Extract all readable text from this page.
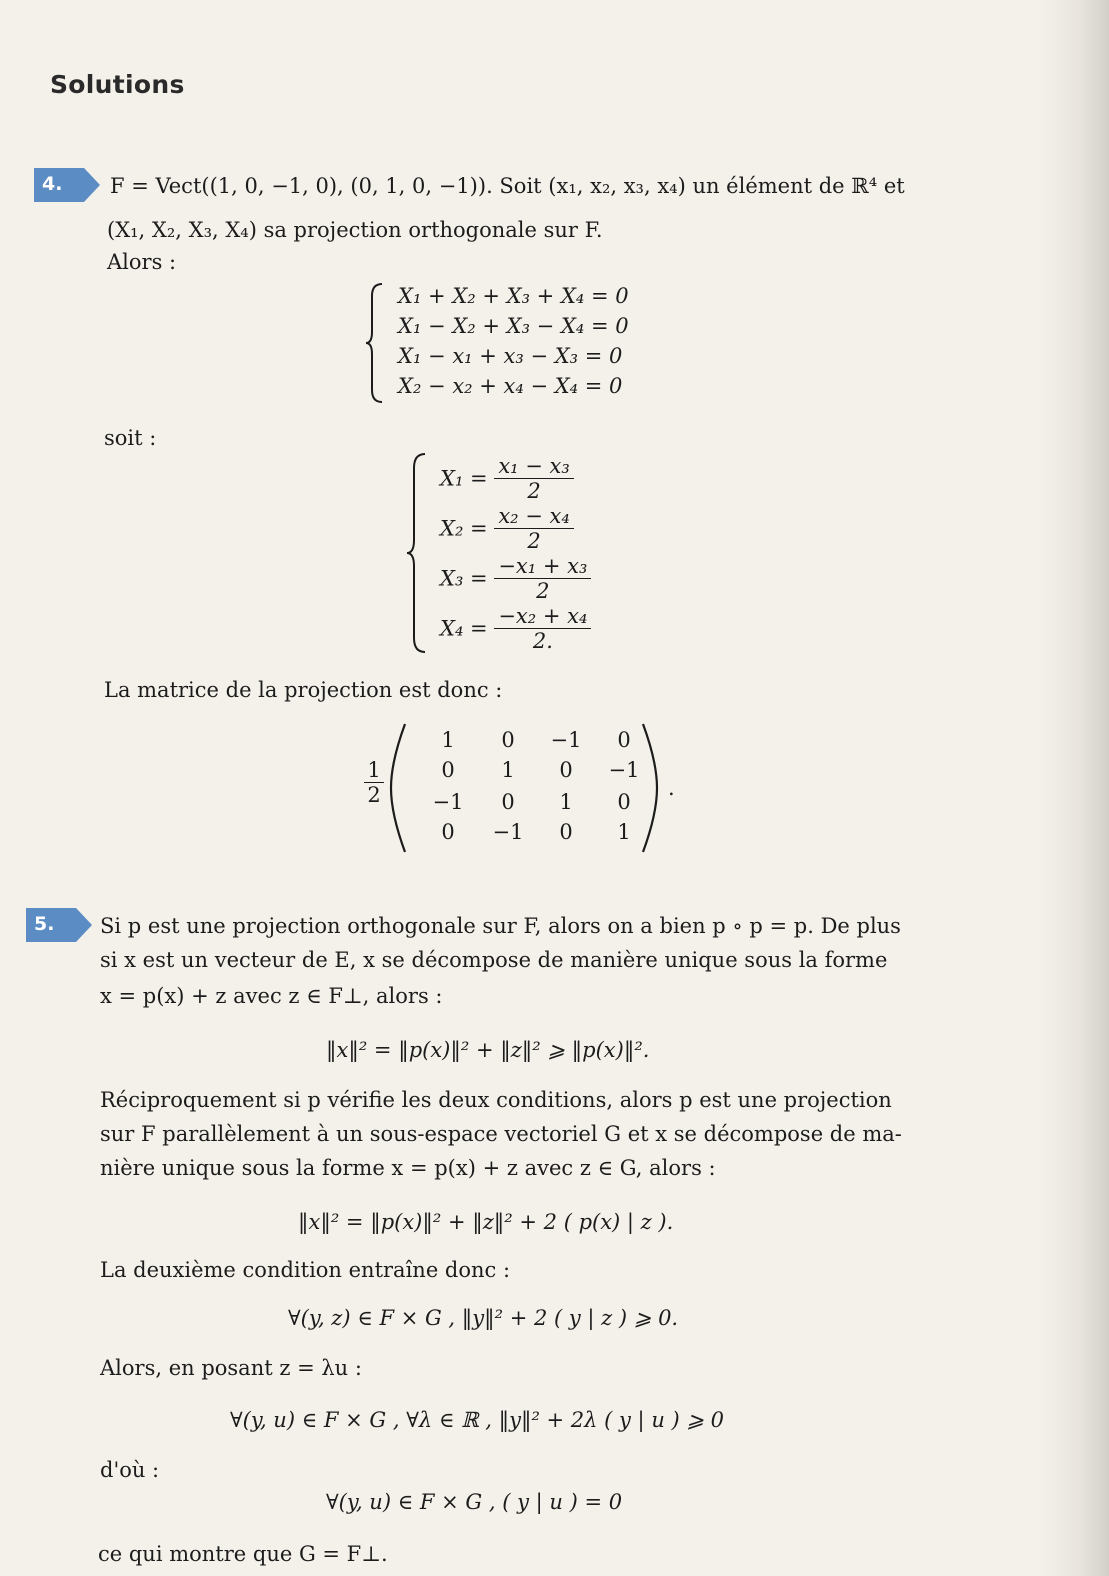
Solutions
4. F = Vect((1, 0, −1, 0), (0, 1, 0, −1)). Soit (x₁, x₂, x₃, x₄) un élément de ℝ⁴ et
(X₁, X₂, X₃, X₄) sa projection orthogonale sur F.
Alors :
X₁ + X₂ + X₃ + X₄ = 0
X₁ − X₂ + X₃ − X₄ = 0
X₁ − x₁ + x₃ − X₃ = 0
X₂ − x₂ + x₄ − X₄ = 0
soit :
$X_1 = \frac{\text{x₁ − x₃}}{2}$
$X_2 = \frac{\text{x₂ − x₄}}{2}$
$X_3 = \frac{\text{−x₁ + x₃}}{2}$
$X_4 = \frac{\text{−x₂ + x₄}}{2.}$
La matrice de la projection est donc :
1
2
1	0	−1	0
0	1	0	−1
−1	0	1	0
0	−1	0	1
.
5. Si p est une projection orthogonale sur F, alors on a bien p ∘ p = p. De plus
si x est un vecteur de E, x se décompose de manière unique sous la forme
x = p(x) + z avec z ∈ F⊥, alors :
‖x‖² = ‖p(x)‖² + ‖z‖² ⩾ ‖p(x)‖².
Réciproquement si p vérifie les deux conditions, alors p est une projection
sur F parallèlement à un sous-espace vectoriel G et x se décompose de ma-
nière unique sous la forme x = p(x) + z avec z ∈ G, alors :
‖x‖² = ‖p(x)‖² + ‖z‖² + 2 ( p(x) | z ).
La deuxième condition entraîne donc :
∀(y, z) ∈ F × G , ‖y‖² + 2 ( y | z ) ⩾ 0.
Alors, en posant z = λu :
∀(y, u) ∈ F × G , ∀λ ∈ ℝ , ‖y‖² + 2λ ( y | u ) ⩾ 0
d'où :
∀(y, u) ∈ F × G , ( y | u ) = 0
ce qui montre que G = F⊥.
